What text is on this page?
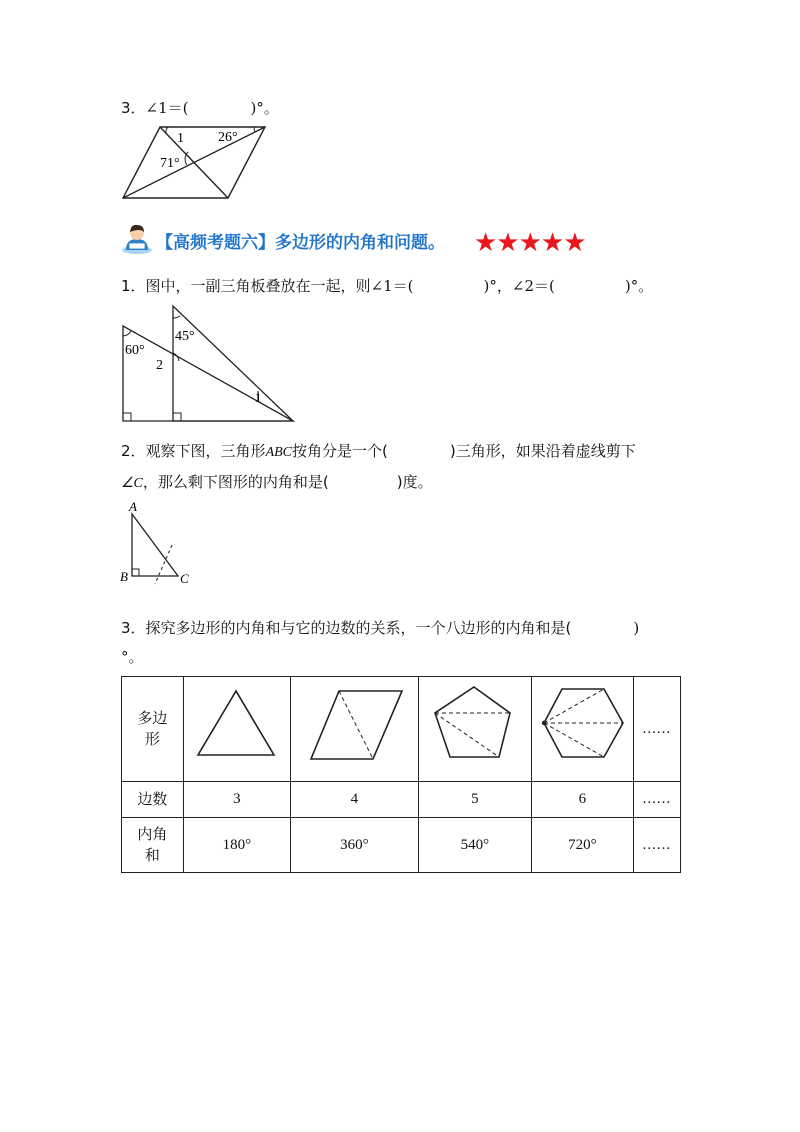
3．∠1＝(	)°。
1 26°
71°
【高频考题六】多边形的内角和问题。 ★★★★★
1．图中，一副三角板叠放在一起，则∠1＝(	)°，∠2＝(	)°。
60°
45°
2
1
2．观察下图，三角形ABC按角分是一个(	)三角形，如果沿着虚线剪下
∠C，那么剩下图形的内角和是(	)度。
A
B	C
3．探究多边形的内角和与它的边数的关系，一个八边形的内角和是(	)
°。
多边
形					......
边数	3	4	5	6	......
内角
和	180°	360°	540°	720°	......
